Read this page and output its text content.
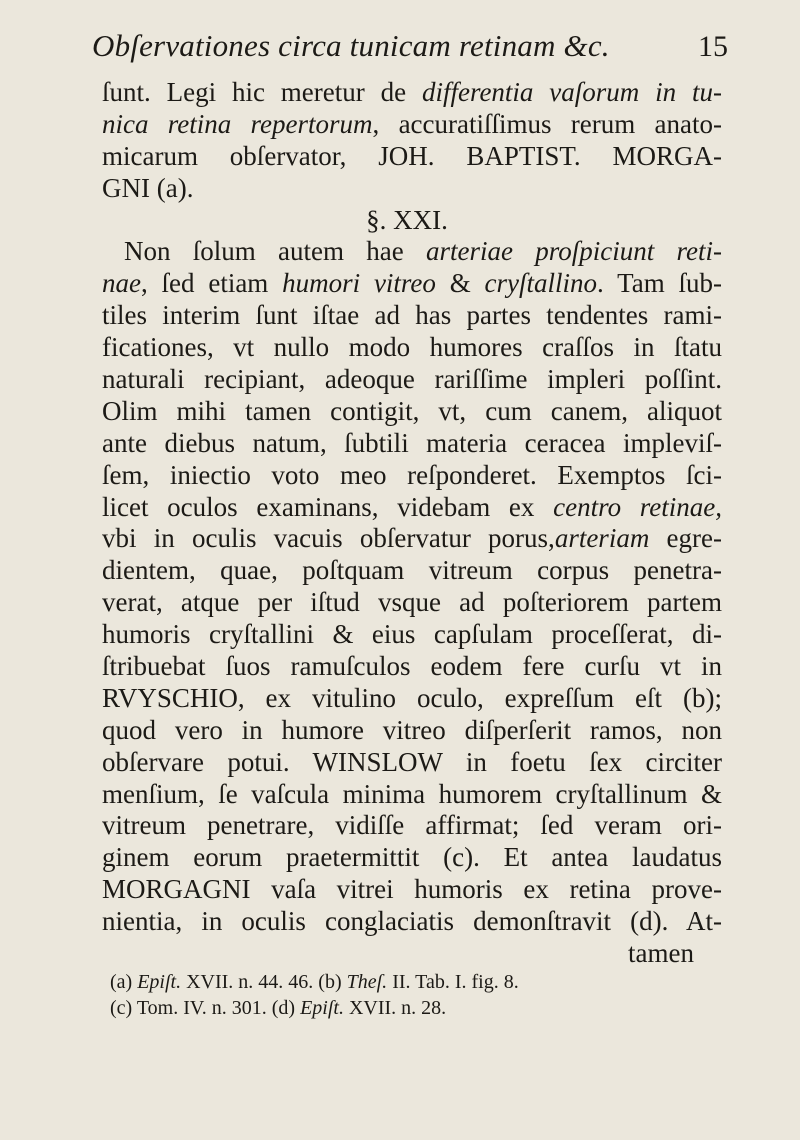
Obſervationes circa tunicam retinam &c.	15
ſunt. Legi hic meretur de differentia vaſorum in tu-
nica retina repertorum, accuratiſſimus rerum anato-
micarum obſervator, JOH. BAPTIST. MORGA-
GNI (a).
§. XXI.
Non ſolum autem hae arteriae proſpiciunt reti-
nae, ſed etiam humori vitreo & cryſtallino. Tam ſub-
tiles interim ſunt iſtae ad has partes tendentes rami-
ficationes, vt nullo modo humores craſſos in ſtatu
naturali recipiant, adeoque rariſſime impleri poſſint.
Olim mihi tamen contigit, vt, cum canem, aliquot
ante diebus natum, ſubtili materia ceracea impleviſ-
ſem, iniectio voto meo reſponderet. Exemptos ſci-
licet oculos examinans, videbam ex centro retinae,
vbi in oculis vacuis obſervatur porus,arteriam egre-
dientem, quae, poſtquam vitreum corpus penetra-
verat, atque per iſtud vsque ad poſteriorem partem
humoris cryſtallini & eius capſulam proceſſerat, di-
ſtribuebat ſuos ramuſculos eodem fere curſu vt in
RVYSCHIO, ex vitulino oculo, expreſſum eſt (b);
quod vero in humore vitreo diſperſerit ramos, non
obſervare potui. WINSLOW in foetu ſex circiter
menſium, ſe vaſcula minima humorem cryſtallinum &
vitreum penetrare, vidiſſe affirmat; ſed veram ori-
ginem eorum praetermittit (c). Et antea laudatus
MORGAGNI vaſa vitrei humoris ex retina prove-
nientia, in oculis conglaciatis demonſtravit (d). At-
tamen
(a) Epiſt. XVII. n. 44. 46. (b) Theſ. II. Tab. I. fig. 8.
(c) Tom. IV. n. 301. (d) Epiſt. XVII. n. 28.
